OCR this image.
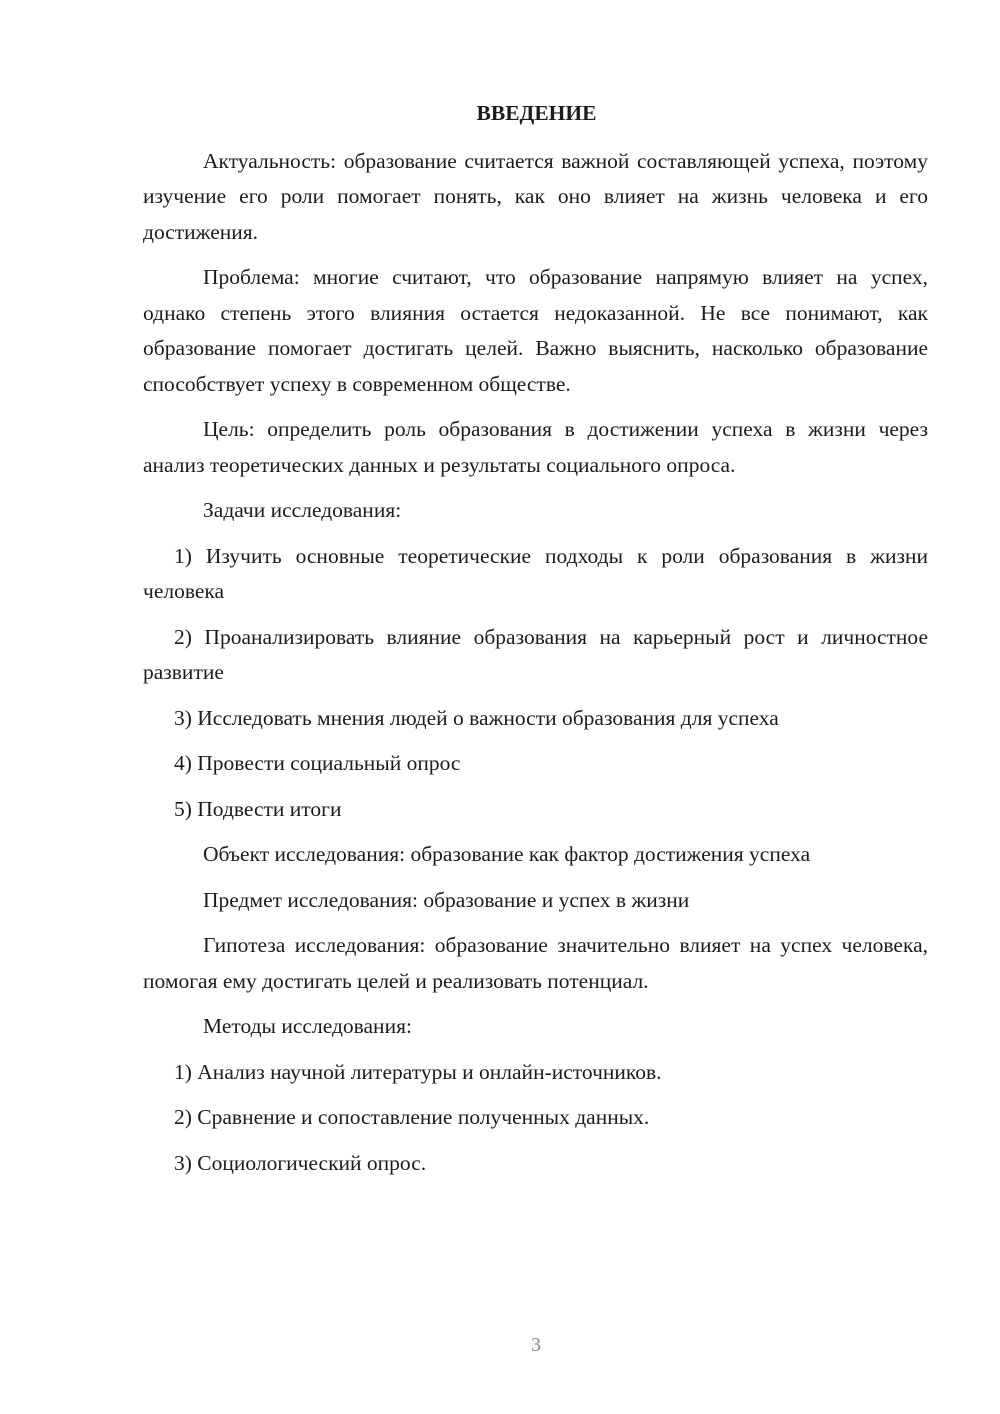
ВВЕДЕНИЕ

Актуальность: образование считается важной составляющей успеха, поэтому изучение его роли помогает понять, как оно влияет на жизнь человека и его достижения.

Проблема: многие считают, что образование напрямую влияет на успех, однако степень этого влияния остается недоказанной. Не все понимают, как образование помогает достигать целей. Важно выяснить, насколько образование способствует успеху в современном обществе.

Цель: определить роль образования в достижении успеха в жизни через анализ теоретических данных и результаты социального опроса.

Задачи исследования:

1) Изучить основные теоретические подходы к роли образования в жизни человека

2) Проанализировать влияние образования на карьерный рост и личностное развитие

3) Исследовать мнения людей о важности образования для успеха

4) Провести социальный опрос

5) Подвести итоги

Объект исследования: образование как фактор достижения успеха

Предмет исследования: образование и успех в жизни

Гипотеза исследования: образование значительно влияет на успех человека, помогая ему достигать целей и реализовать потенциал.

Методы исследования:

1) Анализ научной литературы и онлайн-источников.

2) Сравнение и сопоставление полученных данных.

3) Социологический опрос.

3
